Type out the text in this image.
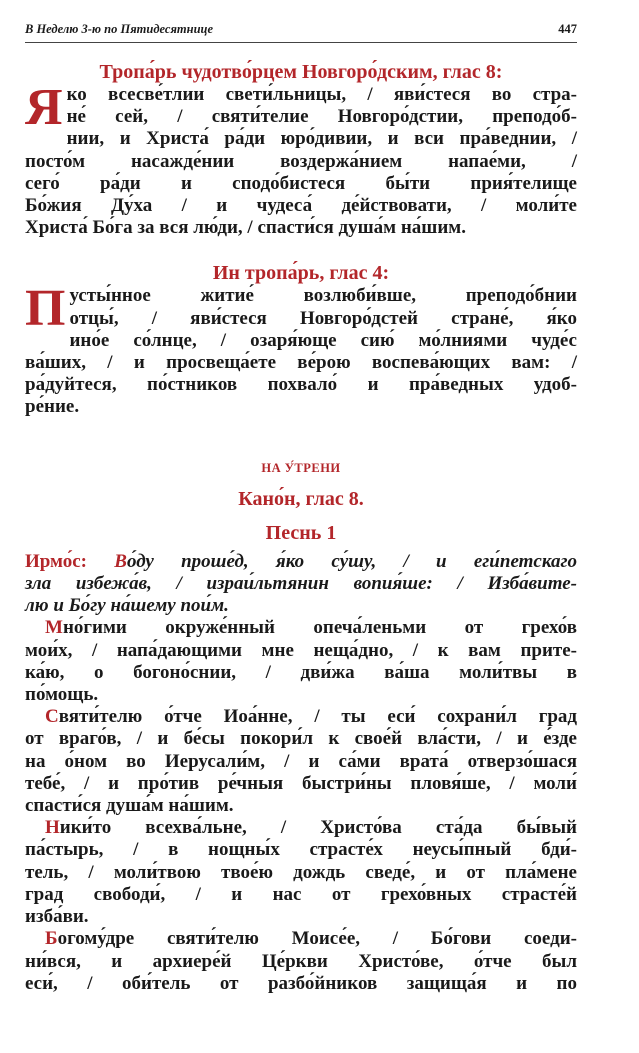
В Неделю 3-ю по Пятидесятнице	447

Тропа́рь чудотво́рцем Новгоро́дским, глас 8:

Я ко всесве́тлии свети́льницы, / яви́стеся во стра-
не́ сей, / святи́телие Новгоро́дстии, преподо́б-
нии, и Христа́ ра́ди юро́дивии, и вси пра́веднии, /
посто́м насажде́нии воздержа́нием напае́ми, /
сего́ ра́ди и сподо́бистеся бы́ти прия́телище
Бо́жия Ду́ха / и чудеса́ де́йствовати, / моли́те
Христа́ Бо́га за вся лю́ди, / спасти́ся душа́м на́шим.

Ин тропа́рь, глас 4:

П усты́нное житие́ возлюби́вше, преподо́бнии
отцы́, / яви́стеся Новгоро́дстей стране́, я́ко
ино́е со́лнце, / озаря́юще сию́ мо́лниями чуде́с
ва́ших, / и просвеща́ете ве́рою воспева́ющих вам: /
ра́дуйтеся, по́стников похвало́ и пра́ведных удоб-
ре́ние.

НА У́ТРЕНИ

Кано́н, глас 8.

Песнь 1

Ирмо́с: Во́ду проше́д, я́ко су́шу, / и еги́петскаго
зла избежа́в, / израи́льтянин вопия́ше: / Изба́вите-
лю и Бо́гу на́шему пои́м.
Мно́гими окруже́нный опеча́леньми от грехо́в
мои́х, / напа́дающими мне неща́дно, / к вам прите-
ка́ю, о богоно́снии, / дви́жа ва́ша моли́твы в
по́мощь.
Святи́телю о́тче Иоа́нне, / ты еси́ сохрани́л град
от враго́в, / и бе́сы покори́л к свое́й вла́сти, / и е́зде
на о́ном во Иерусали́м, / и са́ми врата́ отверзо́шася
тебе́, / и про́тив ре́чныя быстри́ны пловя́ше, / моли́
спасти́ся душа́м на́шим.
Ники́то всехва́льне, / Христо́ва ста́да бы́вый
па́стырь, / в нощны́х страсте́х неусы́пный бди́-
тель, / моли́твою твое́ю дождь сведе́, и от пла́мене
град свободи́, / и нас от грехо́вных страсте́й
изба́ви.
Богому́дре святи́телю Моисе́е, / Бо́гови соеди-
ни́вся, и архиере́й Це́ркви Христо́ве, о́тче был
еси́, / оби́тель от разбо́йников защища́я и по
